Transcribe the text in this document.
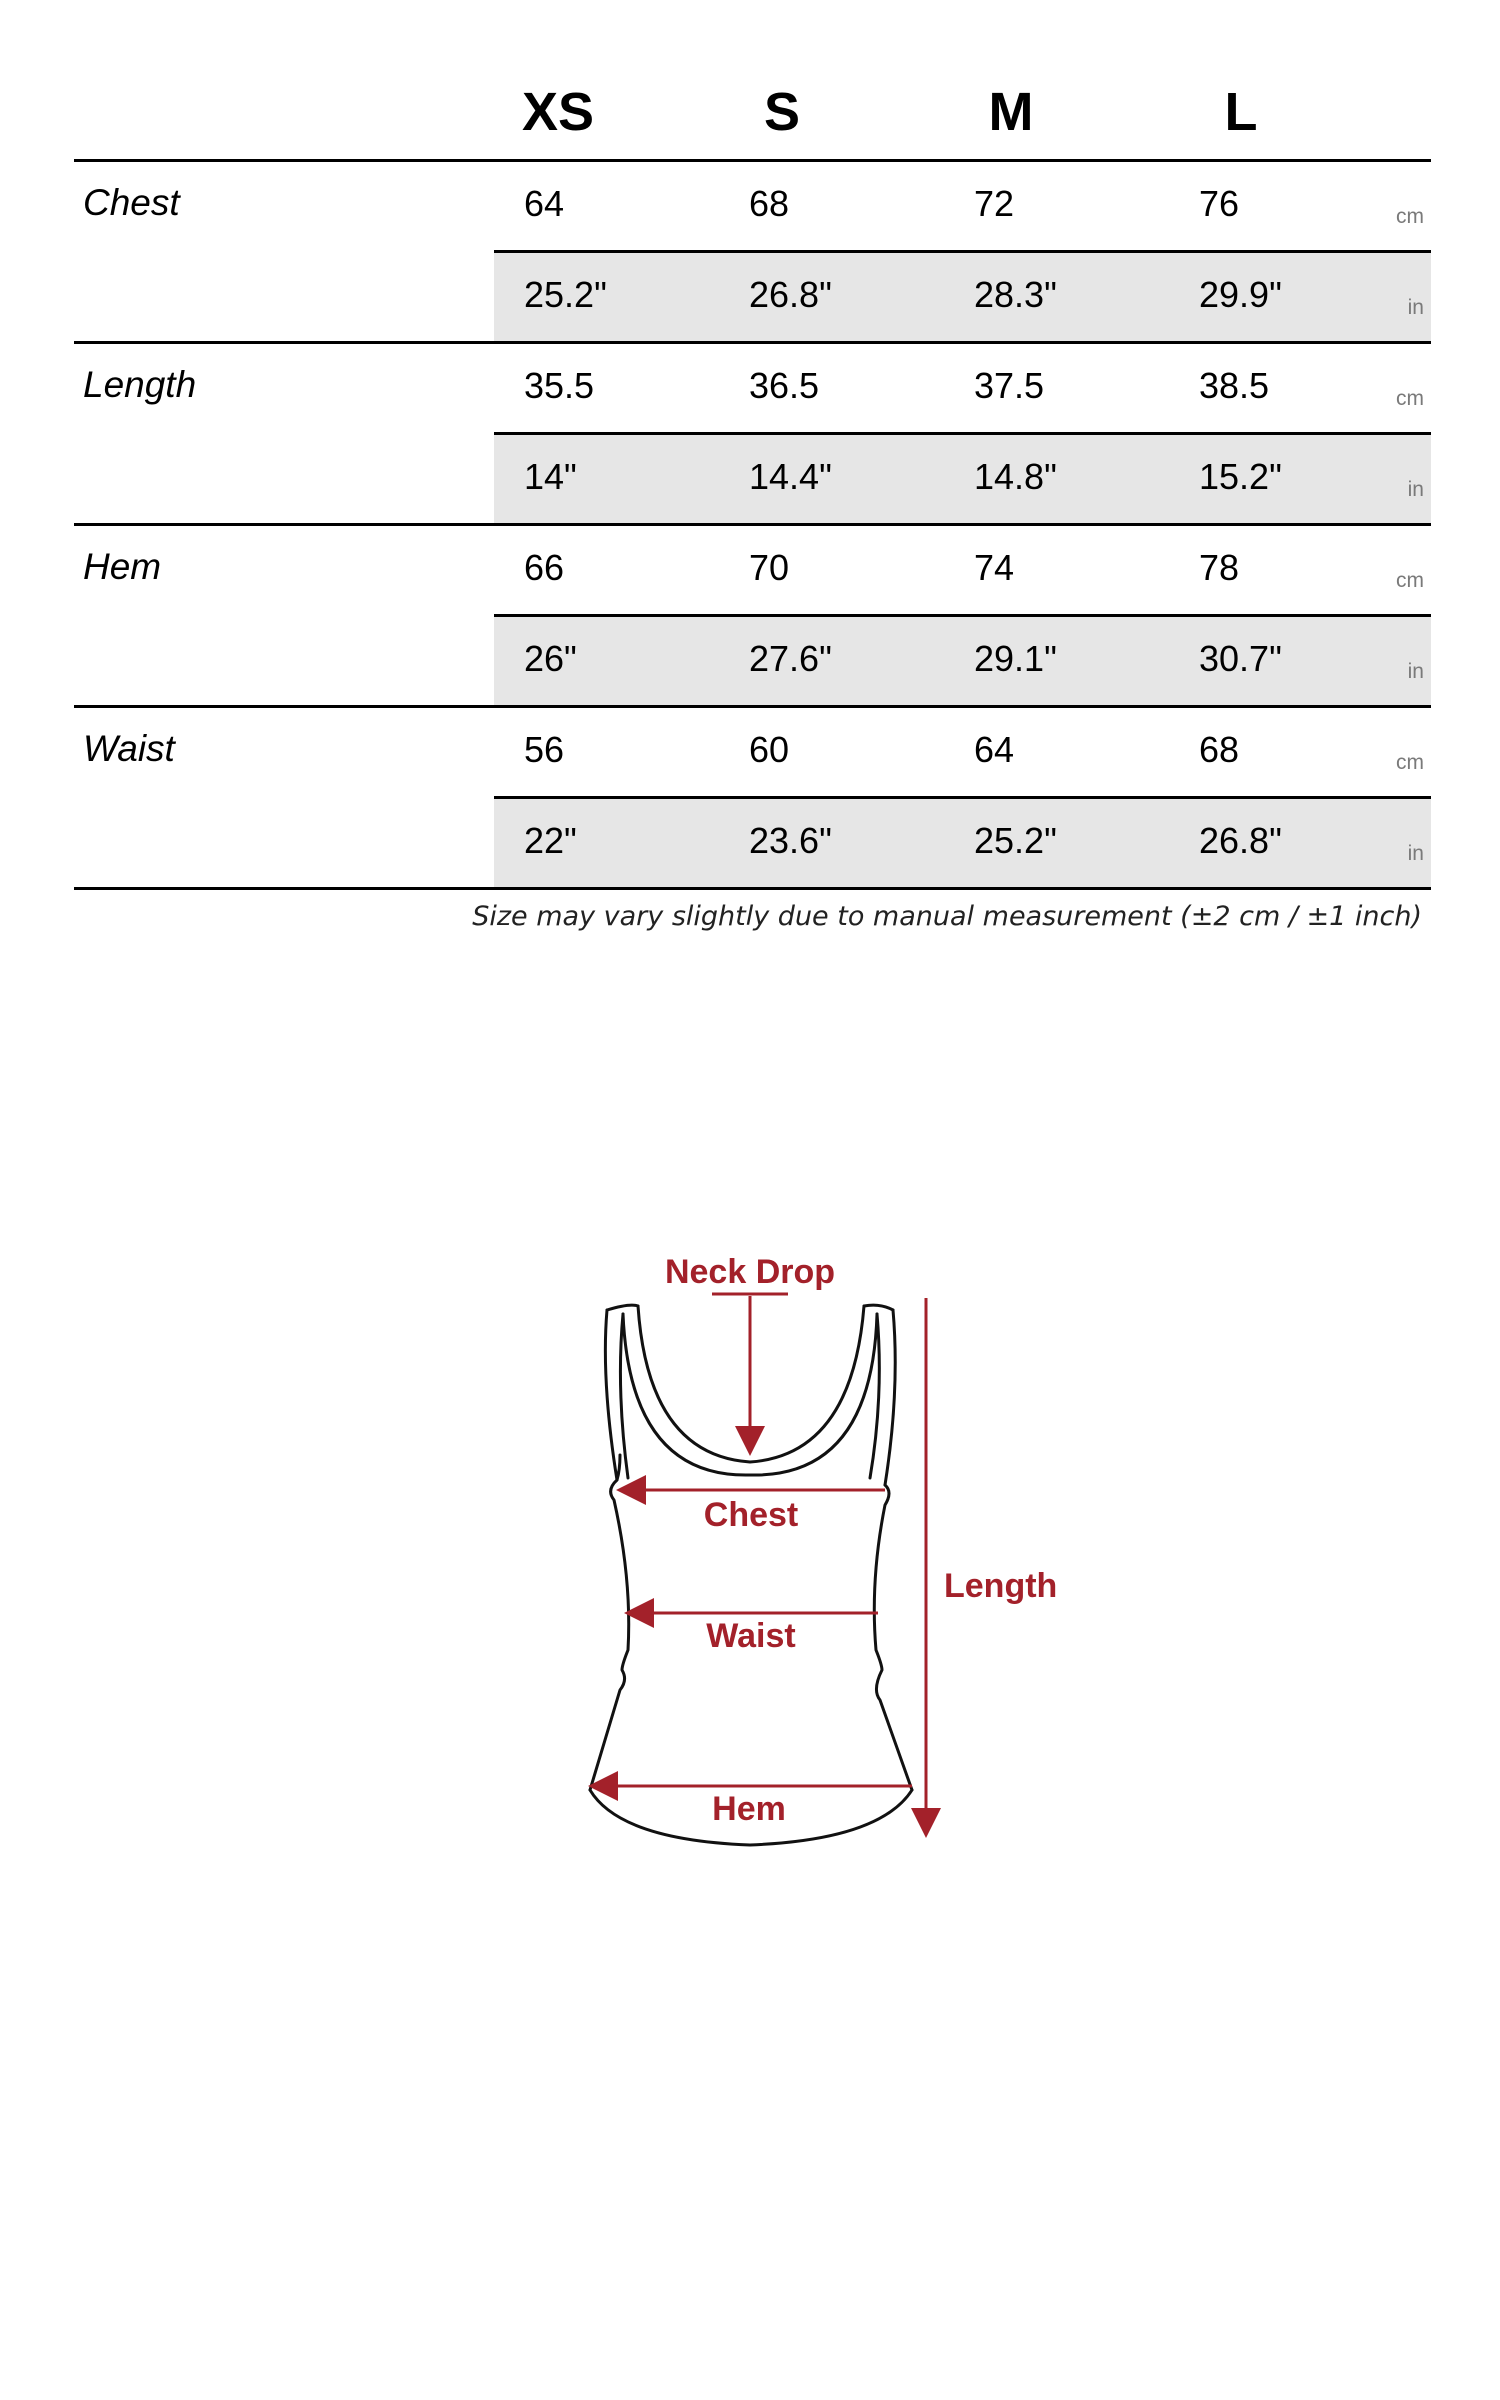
XS	S	M	L
Chest	64	68	72	76	cm
25.2"	26.8"	28.3"	29.9"	in
Length	35.5	36.5	37.5	38.5	cm
14"	14.4"	14.8"	15.2"	in
Hem	66	70	74	78	cm
26"	27.6"	29.1"	30.7"	in
Waist	56	60	64	68	cm
22"	23.6"	25.2"	26.8"	in
Size may vary slightly due to manual measurement (±2 cm / ±1 inch)
Neck Drop
Chest
Waist
Hem
Length
